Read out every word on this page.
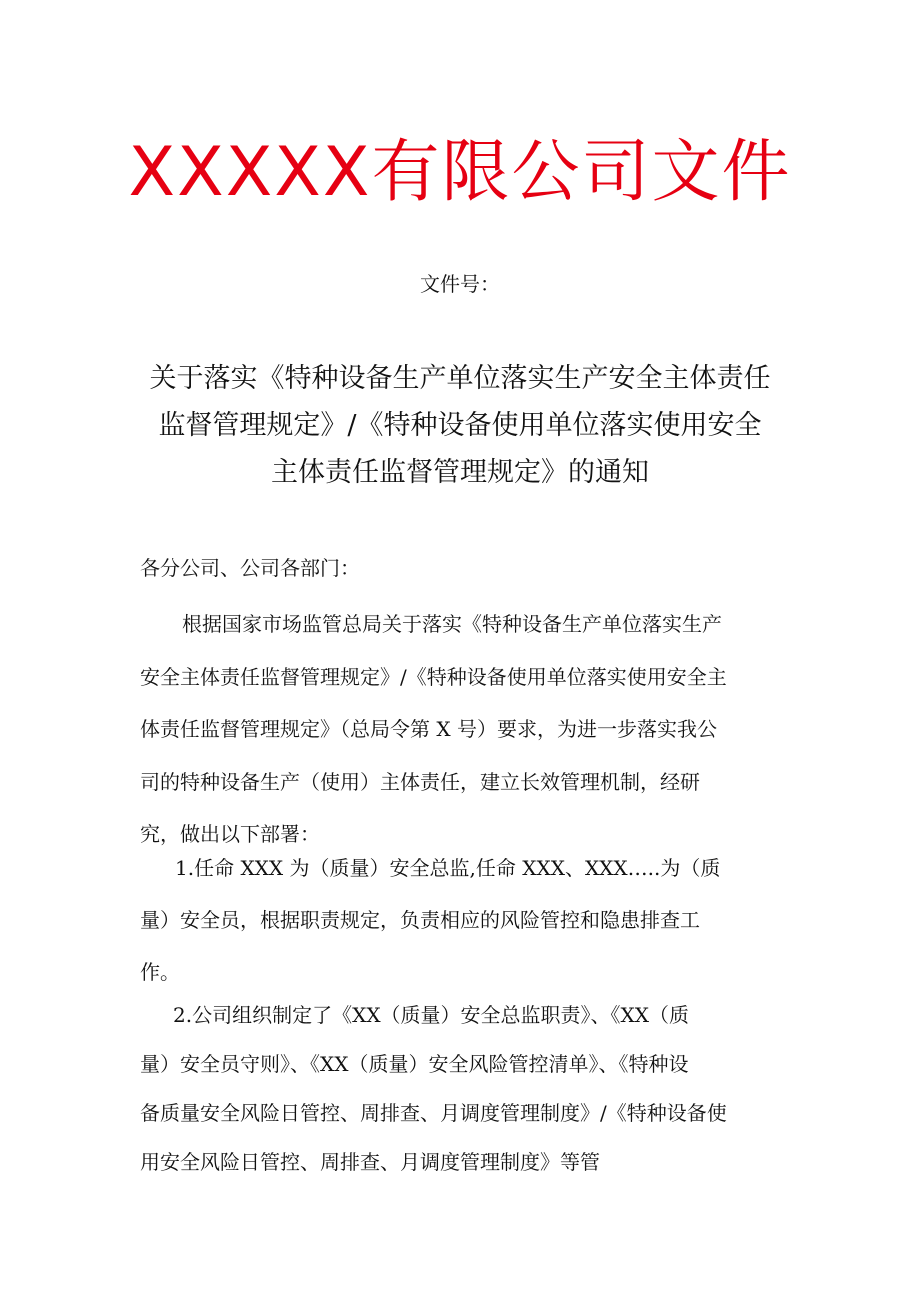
XXXXX有限公司文件
文件号：
关于落实《特种设备生产单位落实生产安全主体责任
监督管理规定》/《特种设备使用单位落实使用安全
主体责任监督管理规定》的通知
各分公司、公司各部门：
根据国家市场监管总局关于落实《特种设备生产单位落实生产
安全主体责任监督管理规定》/《特种设备使用单位落实使用安全主
体责任监督管理规定》（总局令第 X 号）要求，为进一步落实我公
司的特种设备生产（使用）主体责任，建立长效管理机制，经研
究，做出以下部署：
1.任命 XXX 为（质量）安全总监,任命 XXX、XXX…..为（质
量）安全员，根据职责规定，负责相应的风险管控和隐患排查工
作。
2.公司组织制定了《XX（质量）安全总监职责》、《XX（质
量）安全员守则》、《XX（质量）安全风险管控清单》、《特种设
备质量安全风险日管控、周排查、月调度管理制度》/《特种设备使
用安全风险日管控、周排查、月调度管理制度》等管
